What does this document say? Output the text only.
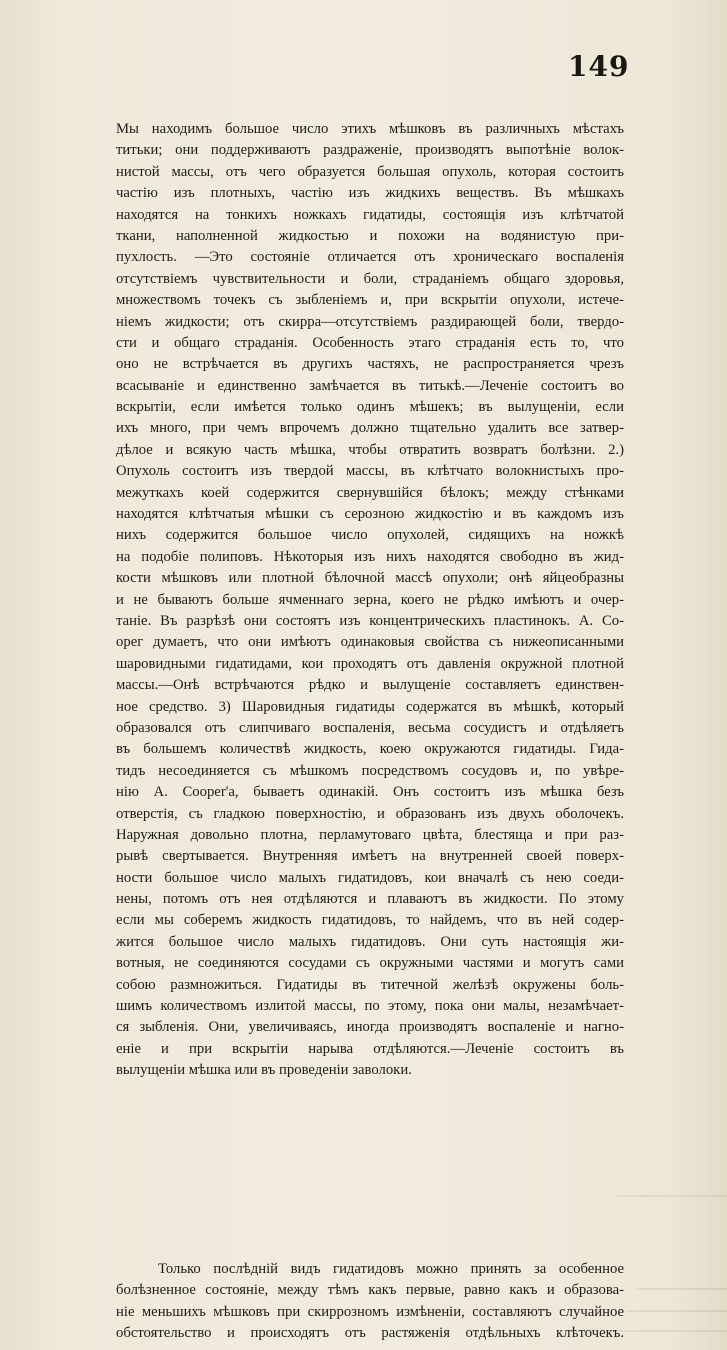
149
Мы находимъ большое число этихъ мѣшковъ въ различныхъ мѣстахъ
титьки; они поддерживаютъ раздраженіе, производятъ выпотѣніе волок-
нистой массы, отъ чего образуется большая опухоль, которая состоитъ
частію изъ плотныхъ, частію изъ жидкихъ веществъ. Въ мѣшкахъ
находятся на тонкихъ ножкахъ гидатиды, состоящія изъ клѣтчатой
ткани, наполненной жидкостью и похожи на водянистую при-
пухлость. —Это состояніе отличается отъ хроническаго воспаленія
отсутствіемъ чувствительности и боли, страданіемъ общаго здоровья,
множествомъ точекъ съ зыбленіемъ и, при вскрытіи опухоли, истече-
ніемъ жидкости; отъ скирра—отсутствіемъ раздирающей боли, твердо-
сти и общаго страданія. Особенность этаго страданія есть то, что
оно не встрѣчается въ другихъ частяхъ, не распространяется чрезъ
всасываніе и единственно замѣчается въ титькѣ.—Леченіе состоитъ во
вскрытіи, если имѣется только одинъ мѣшекъ; въ вылущеніи, если
ихъ много, при чемъ впрочемъ должно тщательно удалить все затвер-
дѣлое и всякую часть мѣшка, чтобы отвратить возвратъ болѣзни. 2.)
Опухоль состоитъ изъ твердой массы, въ клѣтчато волокнистыхъ про-
межуткахъ коей содержится свернувшійся бѣлокъ; между стѣнками
находятся клѣтчатыя мѣшки съ серозною жидкостію и въ каждомъ изъ
нихъ содержится большое число опухолей, сидящихъ на ножкѣ
на подобіе полиповъ. Нѣкоторыя изъ нихъ находятся свободно въ жид-
кости мѣшковъ или плотной бѣлочной массѣ опухоли; онѣ яйцеобразны
и не бываютъ больше ячменнаго зерна, коего не рѣдко имѣютъ и очер-
таніе. Въ разрѣзѣ они состоятъ изъ концентрическихъ пластинокъ. А. Со-
орег думаетъ, что они имѣютъ одинаковыя свойства съ нижеописанными
шаровидными гидатидами, кои проходятъ отъ давленія окружной плотной
массы.—Онѣ встрѣчаются рѣдко и вылущеніе составляетъ единствен-
ное средство. 3) Шаровидныя гидатиды содержатся въ мѣшкѣ, который
образовался отъ слипчиваго воспаленія, весьма сосудистъ и отдѣляетъ
въ большемъ количествѣ жидкость, коею окружаются гидатиды. Гида-
тидъ несоединяется съ мѣшкомъ посредствомъ сосудовъ и, по увѣре-
нію А. Cooper'а, бываетъ одинакій. Онъ состоитъ изъ мѣшка безъ
отверстія, съ гладкою поверхностію, и образованъ изъ двухъ оболочекъ.
Наружная довольно плотна, перламутоваго цвѣта, блестяща и при раз-
рывѣ свертывается. Внутренняя имѣетъ на внутренней своей поверх-
ности большое число малыхъ гидатидовъ, кои вначалѣ съ нею соеди-
нены, потомъ отъ нея отдѣляются и плаваютъ въ жидкости. По этому
если мы соберемъ жидкость гидатидовъ, то найдемъ, что въ ней содер-
жится большое число малыхъ гидатидовъ. Они суть настоящія жи-
вотныя, не соединяются сосудами съ окружными частями и могутъ сами
собою размножиться. Гидатиды въ титечной желѣзѣ окружены боль-
шимъ количествомъ излитой массы, по этому, пока они малы, незамѣчает-
ся зыбленія. Они, увеличиваясь, иногда производятъ воспаленіе и нагно-
еніе и при вскрытіи нарыва отдѣляются.—Леченіе состоитъ въ
вылущеніи мѣшка или въ проведеніи заволоки.
Только послѣдній видъ гидатидовъ можно принять за особенное
болѣзненное состояніе, между тѣмъ какъ первые, равно какъ и образова-
ніе меньшихъ мѣшковъ при скиррозномъ измѣненіи, составляютъ случайное
обстоятельство и происходятъ отъ растяженія отдѣльныхъ клѣточекъ.
